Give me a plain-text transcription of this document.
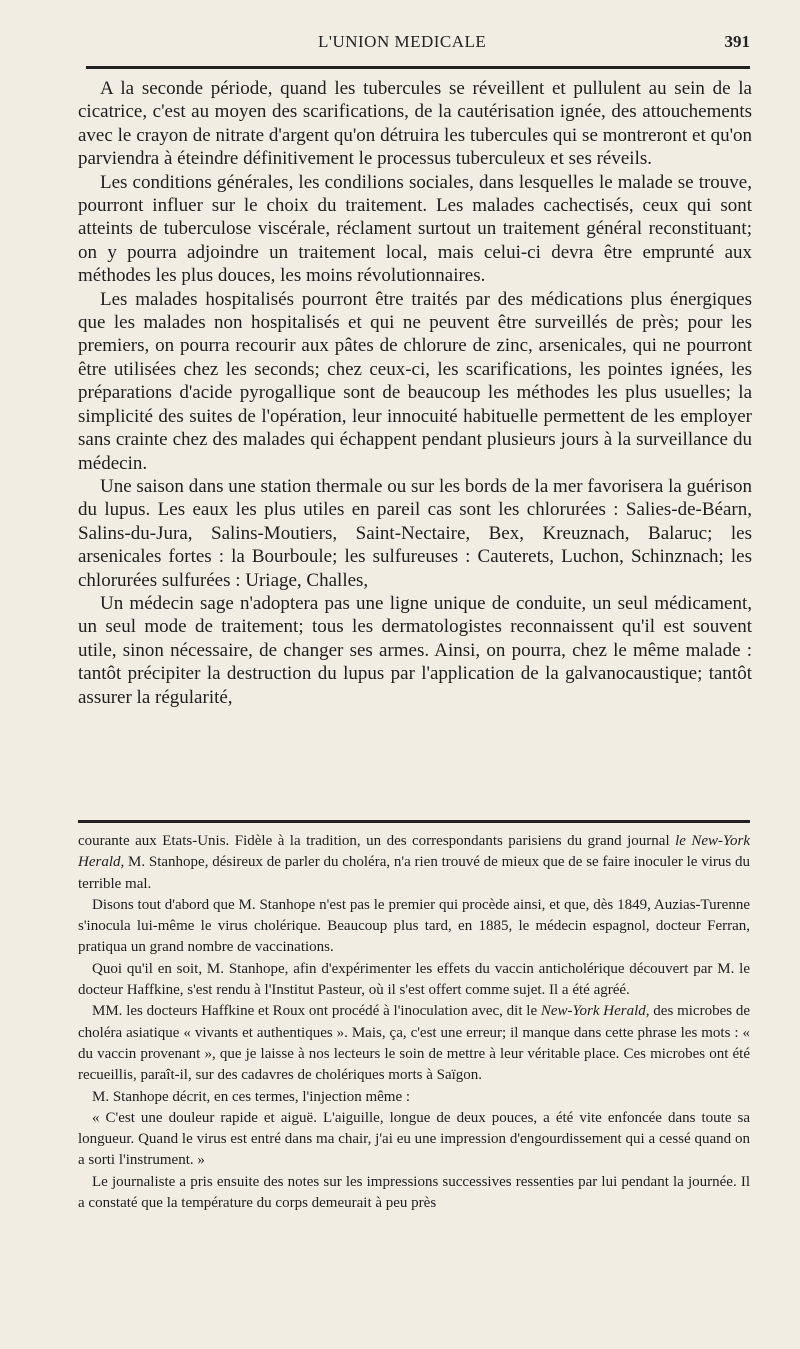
L'UNION MEDICALE	391

A la seconde période, quand les tubercules se réveillent et pullulent au sein de la cicatrice, c'est au moyen des scarifications, de la cautérisation ignée, des attouchements avec le crayon de nitrate d'argent qu'on détruira les tubercules qui se montreront et qu'on parviendra à éteindre définitivement le processus tuberculeux et ses réveils.

Les conditions générales, les condilions sociales, dans lesquelles le malade se trouve, pourront influer sur le choix du traitement. Les malades cachectisés, ceux qui sont atteints de tuberculose viscérale, réclament surtout un traitement général reconstituant; on y pourra adjoindre un traitement local, mais celui-ci devra être emprunté aux méthodes les plus douces, les moins révolutionnaires.

Les malades hospitalisés pourront être traités par des médications plus énergiques que les malades non hospitalisés et qui ne peuvent être surveillés de près; pour les premiers, on pourra recourir aux pâtes de chlorure de zinc, arsenicales, qui ne pourront être utilisées chez les seconds; chez ceux-ci, les scarifications, les pointes ignées, les préparations d'acide pyrogallique sont de beaucoup les méthodes les plus usuelles; la simplicité des suites de l'opération, leur innocuité habituelle permettent de les employer sans crainte chez des malades qui échappent pendant plusieurs jours à la surveillance du médecin.

Une saison dans une station thermale ou sur les bords de la mer favorisera la guérison du lupus. Les eaux les plus utiles en pareil cas sont les chlorurées : Salies-de-Béarn, Salins-du-Jura, Salins-Moutiers, Saint-Nectaire, Bex, Kreuznach, Balaruc; les arsenicales fortes : la Bourboule; les sulfureuses : Cauterets, Luchon, Schinznach; les chlorurées sulfurées : Uriage, Challes,

Un médecin sage n'adoptera pas une ligne unique de conduite, un seul médicament, un seul mode de traitement; tous les dermatologistes reconnaissent qu'il est souvent utile, sinon nécessaire, de changer ses armes. Ainsi, on pourra, chez le même malade : tantôt précipiter la destruction du lupus par l'application de la galvanocaustique; tantôt assurer la régularité,

courante aux Etats-Unis. Fidèle à la tradition, un des correspondants parisiens du grand journal le New-York Herald, M. Stanhope, désireux de parler du choléra, n'a rien trouvé de mieux que de se faire inoculer le virus du terrible mal.

Disons tout d'abord que M. Stanhope n'est pas le premier qui procède ainsi, et que, dès 1849, Auzias-Turenne s'inocula lui-même le virus cholérique. Beaucoup plus tard, en 1885, le médecin espagnol, docteur Ferran, pratiqua un grand nombre de vaccinations.

Quoi qu'il en soit, M. Stanhope, afin d'expérimenter les effets du vaccin anticholérique découvert par M. le docteur Haffkine, s'est rendu à l'Institut Pasteur, où il s'est offert comme sujet. Il a été agréé.

MM. les docteurs Haffkine et Roux ont procédé à l'inoculation avec, dit le New-York Herald, des microbes de choléra asiatique « vivants et authentiques ». Mais, ça, c'est une erreur; il manque dans cette phrase les mots : « du vaccin provenant », que je laisse à nos lecteurs le soin de mettre à leur véritable place. Ces microbes ont été recueillis, paraît-il, sur des cadavres de cholériques morts à Saïgon.

M. Stanhope décrit, en ces termes, l'injection même :

« C'est une douleur rapide et aiguë. L'aiguille, longue de deux pouces, a été vite enfoncée dans toute sa longueur. Quand le virus est entré dans ma chair, j'ai eu une impression d'engourdissement qui a cessé quand on a sorti l'instrument. »

Le journaliste a pris ensuite des notes sur les impressions successives ressenties par lui pendant la journée. Il a constaté que la température du corps demeurait à peu près
